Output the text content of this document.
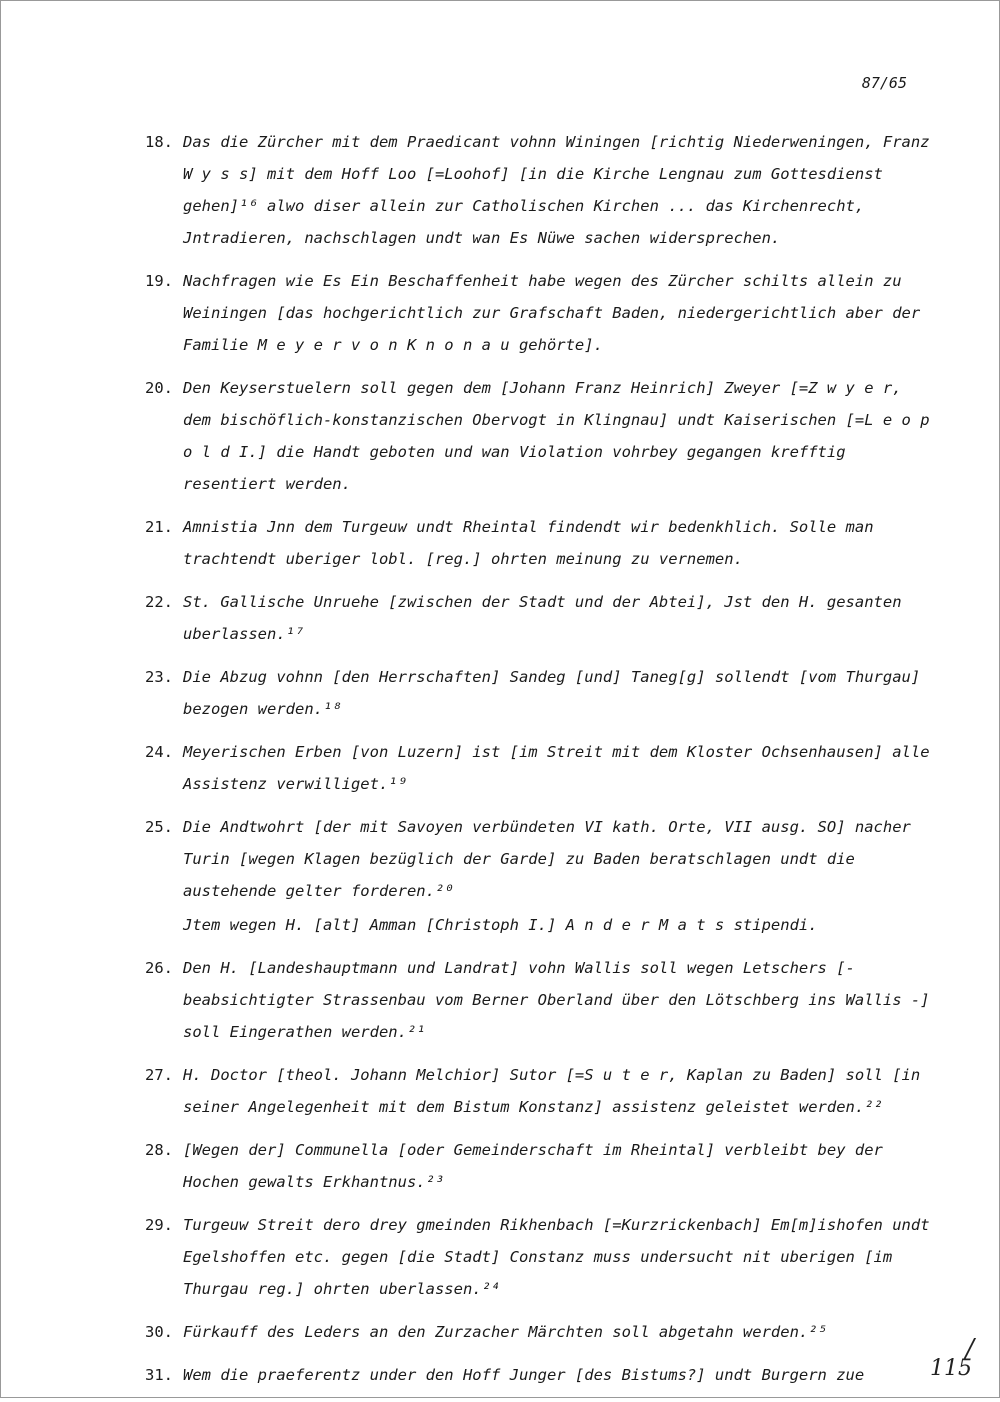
87/65
18. Das die Zürcher mit dem Praedicant vohnn Winingen [richtig Niederweningen, Franz W y s s] mit dem Hoff Loo [=Loohof] [in die Kirche Lengnau zum Gottesdienst gehen]¹⁶ alwo diser allein zur Catholischen Kirchen ... das Kirchenrecht, Jntradieren, nachschlagen undt wan Es Nüwe sachen widersprechen.
19. Nachfragen wie Es Ein Beschaffenheit habe wegen des Zürcher schilts allein zu Weiningen [das hochgerichtlich zur Grafschaft Baden, niedergerichtlich aber der Familie M e y e r v o n K n o n a u gehörte].
20. Den Keyserstuelern soll gegen dem [Johann Franz Heinrich] Zweyer [=Z w y e r, dem bischöflich-konstanzischen Obervogt in Klingnau] undt Kaiserischen [=L e o p o l d I.] die Handt geboten und wan Violation vohrbey gegangen krefftig resentiert werden.
21. Amnistia Jnn dem Turgeuw undt Rheintal findendt wir bedenkhlich. Solle man trachtendt uberiger lobl. [reg.] ohrten meinung zu vernemen.
22. St. Gallische Unruehe [zwischen der Stadt und der Abtei], Jst den H. gesanten uberlassen.¹⁷
23. Die Abzug vohnn [den Herrschaften] Sandeg [und] Taneg[g] sollendt [vom Thurgau] bezogen werden.¹⁸
24. Meyerischen Erben [von Luzern] ist [im Streit mit dem Kloster Ochsenhausen] alle Assistenz verwilliget.¹⁹
25. Die Andtwohrt [der mit Savoyen verbündeten VI kath. Orte, VII ausg. SO] nacher Turin [wegen Klagen bezüglich der Garde] zu Baden beratschlagen undt die austehende gelter forderen.²⁰
Jtem wegen H. [alt] Amman [Christoph I.] A n d e r M a t s stipendi.
26. Den H. [Landeshauptmann und Landrat] vohn Wallis soll wegen Letschers [- beabsichtigter Strassenbau vom Berner Oberland über den Lötschberg ins Wallis -] soll Eingerathen werden.²¹
27. H. Doctor [theol. Johann Melchior] Sutor [=S u t e r, Kaplan zu Baden] soll [in seiner Angelegenheit mit dem Bistum Konstanz] assistenz geleistet werden.²²
28. [Wegen der] Communella [oder Gemeinderschaft im Rheintal] verbleibt bey der Hochen gewalts Erkhantnus.²³
29. Turgeuw Streit dero drey gmeinden Rikhenbach [=Kurzrickenbach] Em[m]ishofen undt Egelshoffen etc. gegen [die Stadt] Constanz muss undersucht nit uberigen [im Thurgau reg.] ohrten uberlassen.²⁴
30. Fürkauff des Leders an den Zurzacher Märchten soll abgetahn werden.²⁵
31. Wem die praeferentz under den Hoff Junger [des Bistums?] undt Burgern zue
/
115
